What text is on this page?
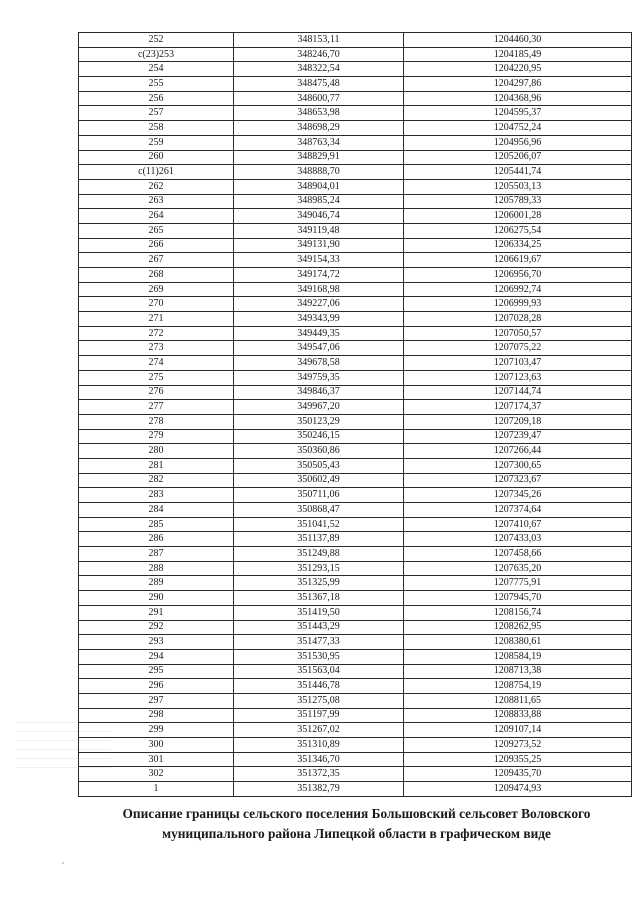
252	348153,11	1204460,30
с(23)253	348246,70	1204185,49
254	348322,54	1204220,95
255	348475,48	1204297,86
256	348600,77	1204368,96
257	348653,98	1204595,37
258	348698,29	1204752,24
259	348763,34	1204956,96
260	348829,91	1205206,07
с(11)261	348888,70	1205441,74
262	348904,01	1205503,13
263	348985,24	1205789,33
264	349046,74	1206001,28
265	349119,48	1206275,54
266	349131,90	1206334,25
267	349154,33	1206619,67
268	349174,72	1206956,70
269	349168,98	1206992,74
270	349227,06	1206999,93
271	349343,99	1207028,28
272	349449,35	1207050,57
273	349547,06	1207075,22
274	349678,58	1207103,47
275	349759,35	1207123,63
276	349846,37	1207144,74
277	349967,20	1207174,37
278	350123,29	1207209,18
279	350246,15	1207239,47
280	350360,86	1207266,44
281	350505,43	1207300,65
282	350602,49	1207323,67
283	350711,06	1207345,26
284	350868,47	1207374,64
285	351041,52	1207410,67
286	351137,89	1207433,03
287	351249,88	1207458,66
288	351293,15	1207635,20
289	351325,99	1207775,91
290	351367,18	1207945,70
291	351419,50	1208156,74
292	351443,29	1208262,95
293	351477,33	1208380,61
294	351530,95	1208584,19
295	351563,04	1208713,38
296	351446,78	1208754,19
297	351275,08	1208811,65
298	351197,99	1208833,88
299	351267,02	1209107,14
300	351310,89	1209273,52
301	351346,70	1209355,25
302	351372,35	1209435,70
1	351382,79	1209474,93
Описание границы сельского поселения Большовский сельсовет Воловского
муниципального района Липецкой области в графическом виде
